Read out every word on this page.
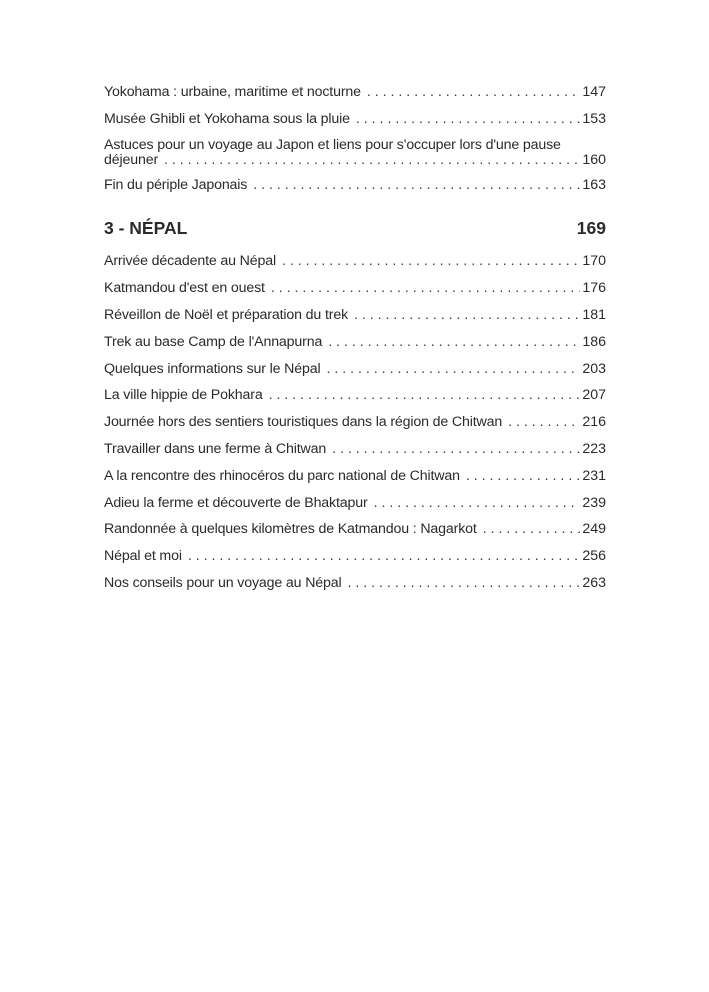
Yokohama : urbaine, maritime et nocturne . . .	147
Musée Ghibli et Yokohama sous la pluie . . .	153
Astuces pour un voyage au Japon et liens pour s'occuper lors d'une pause
déjeuner . . .	160
Fin du périple Japonais . . .	163
3 - NÉPAL	169
Arrivée décadente au Népal . . .	170
Katmandou d'est en ouest . . .	176
Réveillon de Noël et préparation du trek . . .	181
Trek au base Camp de l'Annapurna . . .	186
Quelques informations sur le Népal . . .	203
La ville hippie de Pokhara . . .	207
Journée hors des sentiers touristiques dans la région de Chitwan . . .	216
Travailler dans une ferme à Chitwan . . .	223
A la rencontre des rhinocéros du parc national de Chitwan . . .	231
Adieu la ferme et découverte de Bhaktapur . . .	239
Randonnée à quelques kilomètres de Katmandou : Nagarkot . . .	249
Népal et moi . . .	256
Nos conseils pour un voyage au Népal . . .	263
